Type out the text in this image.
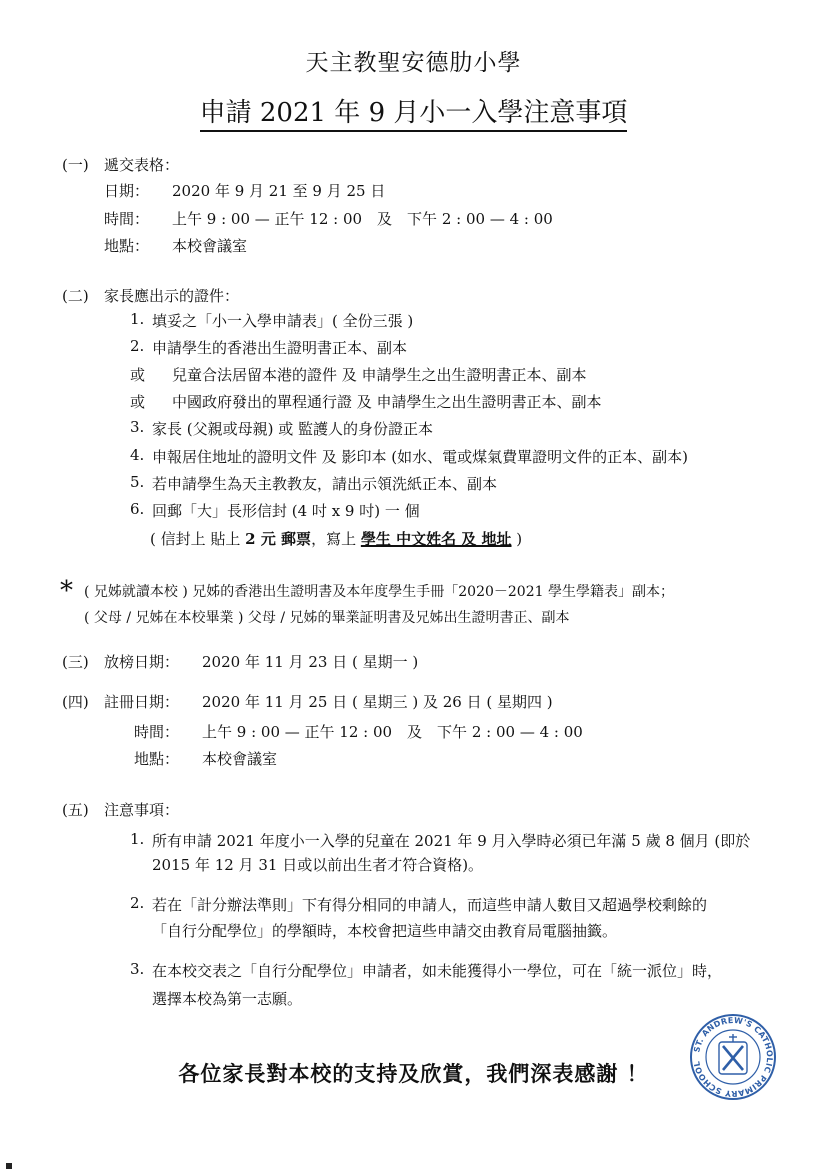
天主教聖安德肋小學
申請 2021 年 9 月小一入學注意事項
(一) 遞交表格：
日期： 2020 年 9 月 21 至 9 月 25 日
時間： 上午 9 : 00 — 正午 12 : 00　及　下午 2 : 00 — 4 : 00
地點： 本校會議室
(二) 家長應出示的證件：
1. 填妥之「小一入學申請表」( 全份三張 )
2. 申請學生的香港出生證明書正本、副本
或 兒童合法居留本港的證件 及 申請學生之出生證明書正本、副本
或 中國政府發出的單程通行證 及 申請學生之出生證明書正本、副本
3. 家長 (父親或母親) 或 監護人的身份證正本
4. 申報居住地址的證明文件 及 影印本 (如水、電或煤氣費單證明文件的正本、副本)
5. 若申請學生為天主教教友，請出示領洗紙正本、副本
6. 回郵「大」長形信封 (4 吋 x 9 吋) 一 個
( 信封上 貼上 2 元 郵票，寫上 學生 中文姓名 及 地址 )
* ( 兄姊就讀本校 ) 兄姊的香港出生證明書及本年度學生手冊「2020－2021 學生學籍表」副本；
( 父母 / 兄姊在本校畢業 ) 父母 / 兄姊的畢業証明書及兄姊出生證明書正、副本
(三) 放榜日期： 2020 年 11 月 23 日 ( 星期一 )
(四) 註冊日期： 2020 年 11 月 25 日 ( 星期三 ) 及 26 日 ( 星期四 )
時間： 上午 9 : 00 — 正午 12 : 00　及　下午 2 : 00 — 4 : 00
地點： 本校會議室
(五) 注意事項：
1. 所有申請 2021 年度小一入學的兒童在 2021 年 9 月入學時必須已年滿 5 歲 8 個月 (即於
2015 年 12 月 31 日或以前出生者才符合資格)。
2. 若在「計分辦法準則」下有得分相同的申請人，而這些申請人數目又超過學校剩餘的
「自行分配學位」的學額時，本校會把這些申請交由教育局電腦抽籤。
3. 在本校交表之「自行分配學位」申請者，如未能獲得小一學位，可在「統一派位」時，
選擇本校為第一志願。
各位家長對本校的支持及欣賞，我們深表感謝 ！
ST. ANDREW'S CATHOLIC PRIMARY SCHOOL
